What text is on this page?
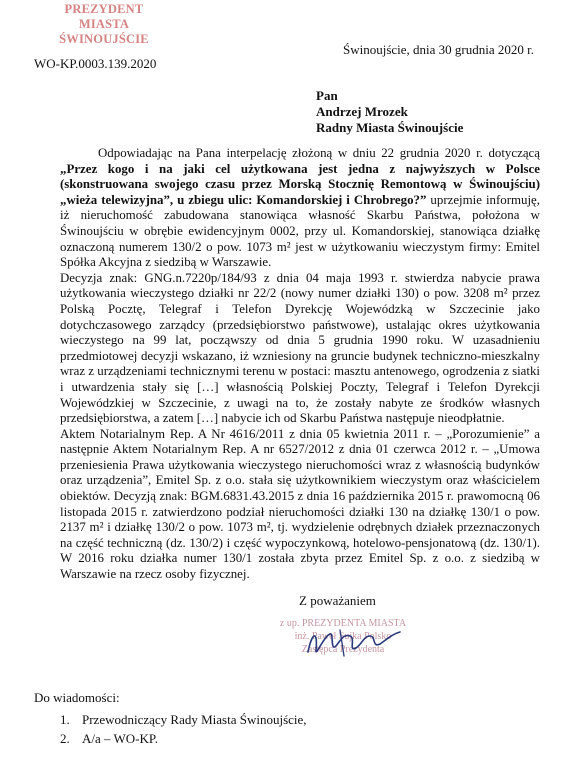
PREZYDENT
MIASTA ŚWINOUJŚCIE
WO-KP.0003.139.2020
Świnoujście, dnia 30 grudnia 2020 r.
Pan
Andrzej Mrozek
Radny Miasta Świnoujście

Odpowiadając na Pana interpelację złożoną w dniu 22 grudnia 2020 r. dotyczącą „Przez kogo i na jaki cel użytkowana jest jedna z najwyższych w Polsce (skonstruowana swojego czasu przez Morską Stocznię Remontową w Świnoujściu) „wieża telewizyjna”, u zbiegu ulic: Komandorskiej i Chrobrego?” uprzejmie informuję, iż nieruchomość zabudowana stanowiąca własność Skarbu Państwa, położona w Świnoujściu w obrębie ewidencyjnym 0002, przy ul. Komandorskiej, stanowiąca działkę oznaczoną numerem 130/2 o pow. 1073 m² jest w użytkowaniu wieczystym firmy: Emitel Spółka Akcyjna z siedzibą w Warszawie.

Decyzja znak: GNG.n.7220p/184/93 z dnia 04 maja 1993 r. stwierdza nabycie prawa użytkowania wieczystego działki nr 22/2 (nowy numer działki 130) o pow. 3208 m² przez Polską Pocztę, Telegraf i Telefon Dyrekcję Wojewódzką w Szczecinie jako dotychczasowego zarządcy (przedsiębiorstwo państwowe), ustalając okres użytkowania wieczystego na 99 lat, począwszy od dnia 5 grudnia 1990 roku. W uzasadnieniu przedmiotowej decyzji wskazano, iż wzniesiony na gruncie budynek techniczno-mieszkalny wraz z urządzeniami technicznymi terenu w postaci: masztu antenowego, ogrodzenia z siatki i utwardzenia stały się […] własnością Polskiej Poczty, Telegraf i Telefon Dyrekcji Wojewódzkiej w Szczecinie, z uwagi na to, że zostały nabyte ze środków własnych przedsiębiorstwa, a zatem […] nabycie ich od Skarbu Państwa następuje nieodpłatnie.

Aktem Notarialnym Rep. A Nr 4616/2011 z dnia 05 kwietnia 2011 r. – „Porozumienie” a następnie Aktem Notarialnym Rep. A nr 6527/2012 z dnia 01 czerwca 2012 r. – „Umowa przeniesienia Prawa użytkowania wieczystego nieruchomości wraz z własnością budynków oraz urządzenia”, Emitel Sp. z o.o. stała się użytkownikiem wieczystym oraz właścicielem obiektów. Decyzją znak: BGM.6831.43.2015 z dnia 16 października 2015 r. prawomocną 06 listopada 2015 r. zatwierdzono podział nieruchomości działki 130 na działkę 130/1 o pow. 2137 m² i działkę 130/2 o pow. 1073 m², tj. wydzielenie odrębnych działek przeznaczonych na część techniczną (dz. 130/2) i część wypoczynkową, hotelowo-pensjonatową (dz. 130/1). W 2016 roku działka numer 130/1 została zbyta przez Emitel Sp. z o.o. z siedzibą w Warszawie na rzecz osoby fizycznej.

Z poważaniem
z up. PREZYDENTA MIASTA
inż. Paweł Sujka Polsko
Zastępca Prezydenta
Do wiadomości:
1. Przewodniczący Rady Miasta Świnoujście,
2. A/a – WO-KP.
